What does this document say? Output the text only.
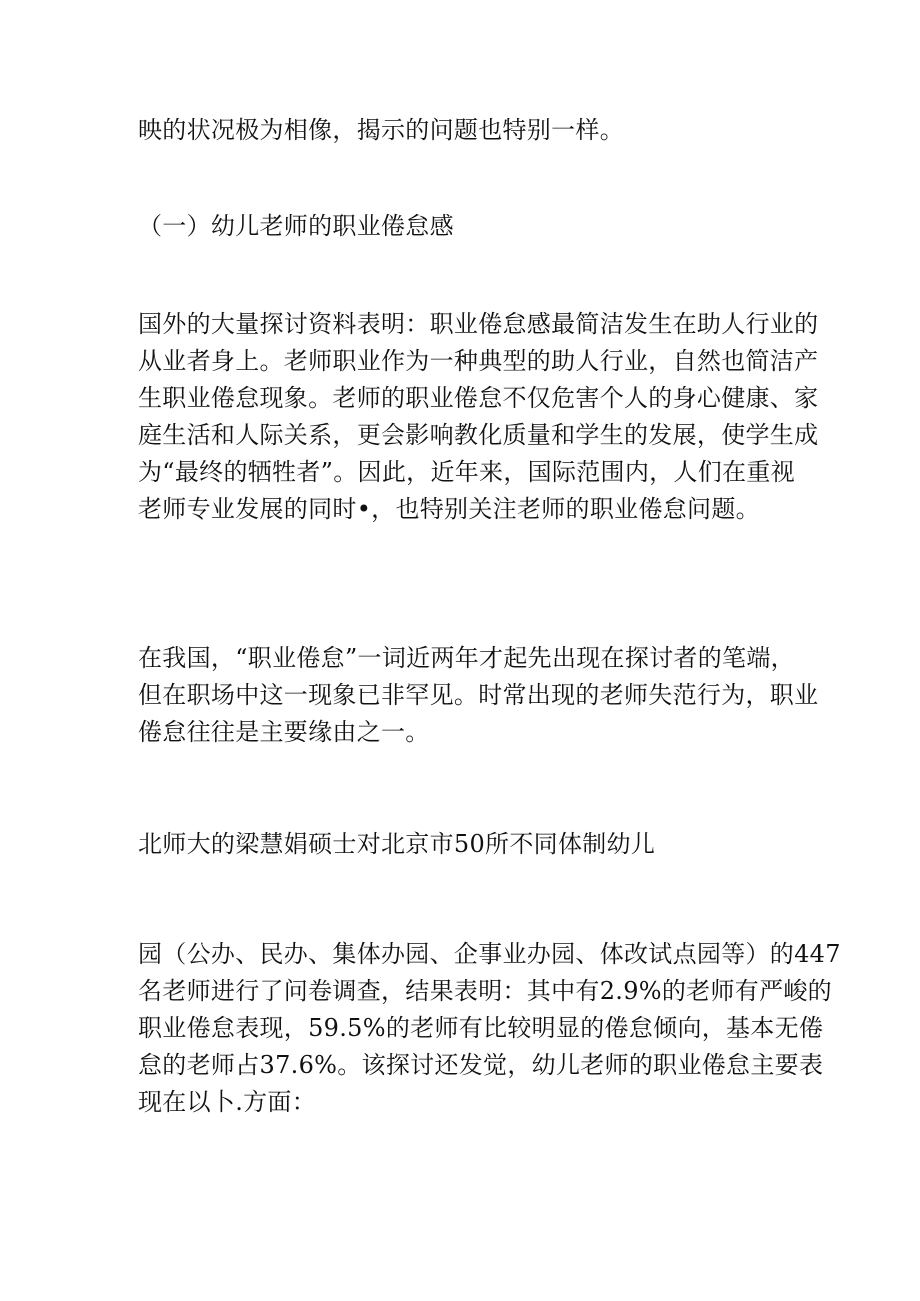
映的状况极为相像，揭示的问题也特别一样。

（一）幼儿老师的职业倦怠感

国外的大量探讨资料表明：职业倦怠感最简洁发生在助人行业的

从业者身上。老师职业作为一种典型的助人行业，自然也简洁产

生职业倦怠现象。老师的职业倦怠不仅危害个人的身心健康、家

庭生活和人际关系，更会影响教化质量和学生的发展，使学生成

为“最终的牺牲者”。因此，近年来，国际范围内，人们在重视

老师专业发展的同时•，也特别关注老师的职业倦怠问题。

在我国，“职业倦怠”一词近两年才起先出现在探讨者的笔端，

但在职场中这一现象已非罕见。时常出现的老师失范行为，职业

倦怠往往是主要缘由之一。

北师大的梁慧娟硕士对北京市50所不同体制幼儿

园（公办、民办、集体办园、企事业办园、体改试点园等）的447

名老师进行了问卷调查，结果表明：其中有2.9%的老师有严峻的

职业倦怠表现，59.5%的老师有比较明显的倦怠倾向，基本无倦

怠的老师占37.6%。该探讨还发觉，幼儿老师的职业倦怠主要表

现在以卜.方面：
